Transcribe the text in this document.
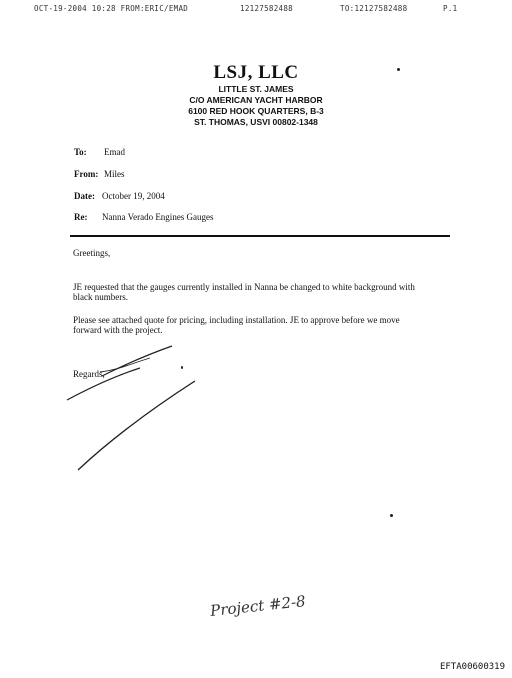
OCT-19-2004 10:28 FROM:ERIC/EMAD	12127582488	TO:12127582488	P.1
LSJ, LLC
LITTLE ST. JAMES
C/O AMERICAN YACHT HARBOR
6100 RED HOOK QUARTERS, B-3
ST. THOMAS, USVI 00802-1348
To: Emad
From: Miles
Date: October 19, 2004
Re: Nanna Verado Engines Gauges
Greetings,
JE requested that the gauges currently installed in Nanna be changed to white background with
black numbers.
Please see attached quote for pricing, including installation. JE to approve before we move
forward with the project.
Regards,
Project #2-8
EFTA00600319
